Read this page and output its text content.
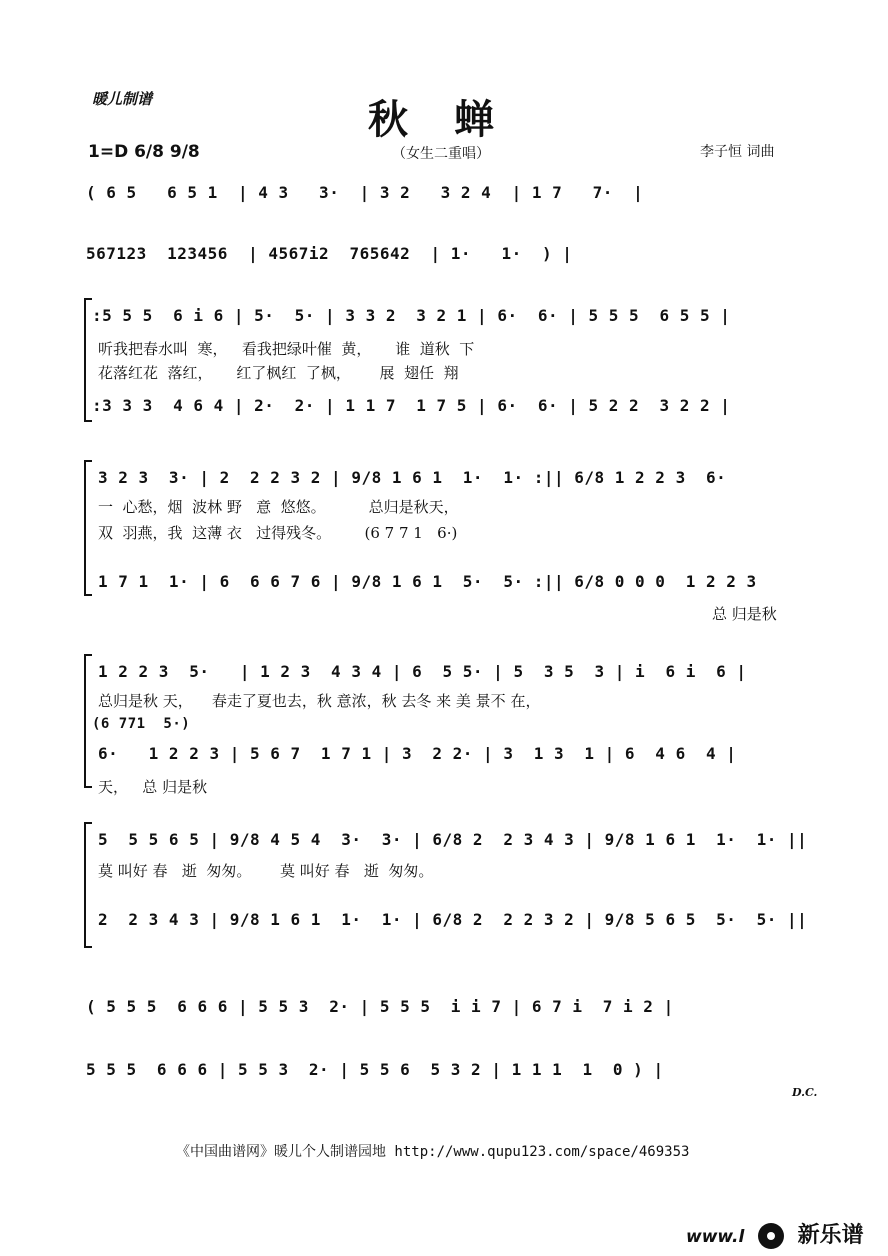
暖儿制谱	秋蝉
1=D 6/8 9/8	（女生二重唱）	李子恒 词曲
( 6 5   6 5 1  | 4 3   3·  | 3 2   3 2 4  | 1 7   7·  |
567123  123456  | 4567i2  765642  | 1·   1·  ) |
:5 5 5  6 i 6 | 5·  5· | 3 3 2  3 2 1 | 6·  6· | 5 5 5  6 5 5 |
听我把春水叫  寒，   看我把绿叶催  黄，     谁  道秋  下
花落红花  落红，     红了枫红  了枫，      展  翅任  翔
:3 3 3  4 6 4 | 2·  2· | 1 1 7  1 7 5 | 6·  6· | 5 2 2  3 2 2 |
3 2 3  3· | 2  2 2 3 2 | 9/8 1 6 1  1·  1· :|| 6/8 1 2 2 3  6·
一  心愁，烟  波林 野   意  悠悠。         总归是秋天，
双  羽燕，我  这薄 衣   过得残冬。       (6 7 7 1   6·)
1 7 1  1· | 6  6 6 7 6 | 9/8 1 6 1  5·  5· :|| 6/8 0 0 0  1 2 2 3
总 归是秋
1 2 2 3  5·   | 1 2 3  4 3 4 | 6  5 5· | 5  3 5  3 | i  6 i  6 |
总归是秋 天，    春走了夏也去，秋 意浓，秋 去冬 来 美 景不 在，
(6 771  5·)
6·   1 2 2 3 | 5 6 7  1 7 1 | 3  2 2· | 3  1 3  1 | 6  4 6  4 |
天，   总 归是秋
5  5 5 6 5 | 9/8 4 5 4  3·  3· | 6/8 2  2 3 4 3 | 9/8 1 6 1  1·  1· ||
莫 叫好 春   逝  匆匆。      莫 叫好 春   逝  匆匆。
2  2 3 4 3 | 9/8 1 6 1  1·  1· | 6/8 2  2 2 3 2 | 9/8 5 6 5  5·  5· ||
( 5 5 5  6 6 6 | 5 5 3  2· | 5 5 5  i i 7 | 6 7 i  7 i 2 |
5 5 5  6 6 6 | 5 5 3  2· | 5 5 6  5 3 2 | 1 1 1  1  0 ) |
D.C.
《中国曲谱网》暖儿个人制谱园地 http://www.qupu123.com/space/469353
www.l 新乐谱
